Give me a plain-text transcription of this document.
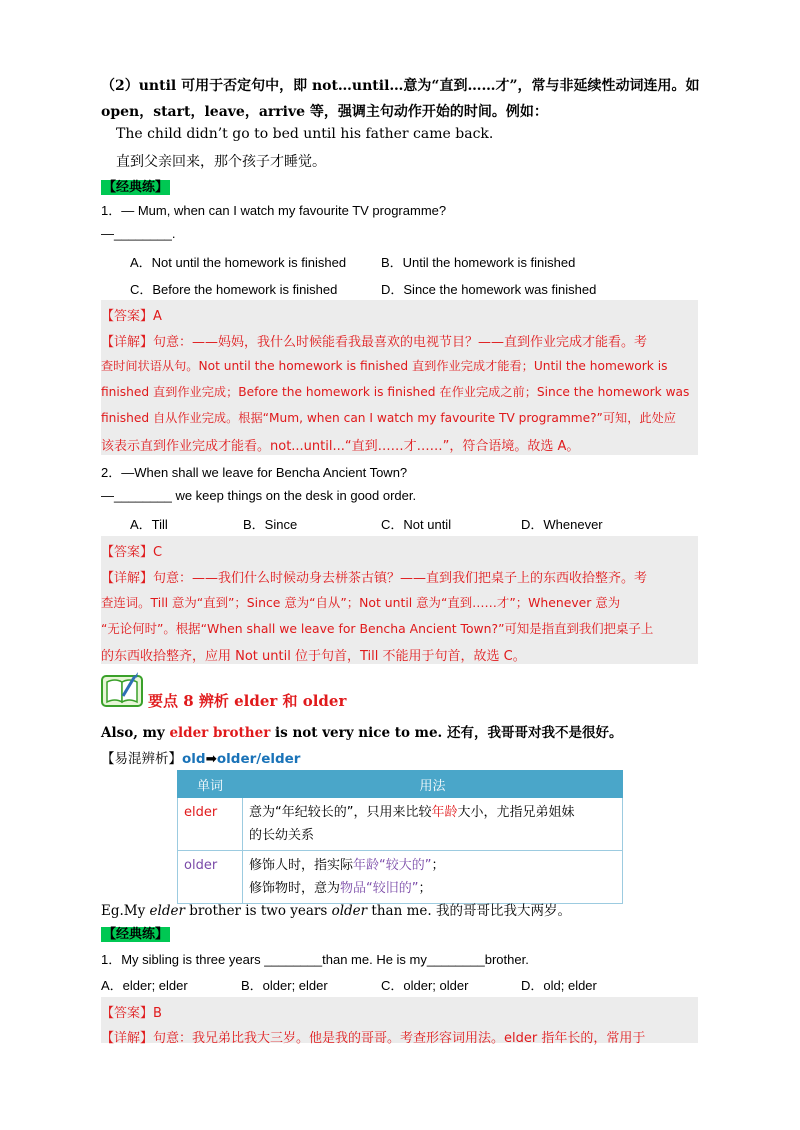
（2）until 可用于否定句中，即 not…until…意为“直到……才”，常与非延续性动词连用。如
open，start，leave，arrive 等，强调主句动作开始的时间。例如：
The child didn’t go to bed until his father came back.
直到父亲回来，那个孩子才睡觉。
【经典练】
1．— Mum, when can I watch my favourite TV programme?
—________.
A．Not until the homework is finished	B．Until the homework is finished
C．Before the homework is finished	D．Since the homework was finished
【答案】A
【详解】句意：——妈妈，我什么时候能看我最喜欢的电视节目？——直到作业完成才能看。考
查时间状语从句。Not until the homework is finished 直到作业完成才能看；Until the homework is
finished 直到作业完成；Before the homework is finished 在作业完成之前；Since the homework was
finished 自从作业完成。根据“Mum, when can I watch my favourite TV programme?”可知，此处应
该表示直到作业完成才能看。not...until...“直到……才……”，符合语境。故选 A。
2．—When shall we leave for Bencha Ancient Town?
—________ we keep things on the desk in good order.
A．Till	B．Since	C．Not until	D．Whenever
【答案】C
【详解】句意：——我们什么时候动身去栟茶古镇？——直到我们把桌子上的东西收拾整齐。考
查连词。Till 意为“直到”；Since 意为“自从”；Not until 意为“直到……才”；Whenever 意为
“无论何时”。根据“When shall we leave for Bencha Ancient Town?”可知是指直到我们把桌子上
的东西收拾整齐，应用 Not until 位于句首，Till 不能用于句首，故选 C。
要点 8 辨析 elder 和 older
Also, my elder brother is not very nice to me. 还有，我哥哥对我不是很好。
【易混辨析】old➡older/elder
单词	用法
elder	意为“年纪较长的”，只用来比较年龄大小，尤指兄弟姐妹
的长幼关系

older	修饰人时，指实际年龄“较大的”；
修饰物时，意为物品“较旧的”；
Eg.My elder brother is two years older than me. 我的哥哥比我大两岁。
【经典练】
1．My sibling is three years ________than me. He is my________brother.
A．elder; elder	B．older; elder	C．older; older	D．old; elder
【答案】B
【详解】句意：我兄弟比我大三岁。他是我的哥哥。考查形容词用法。elder 指年长的，常用于
